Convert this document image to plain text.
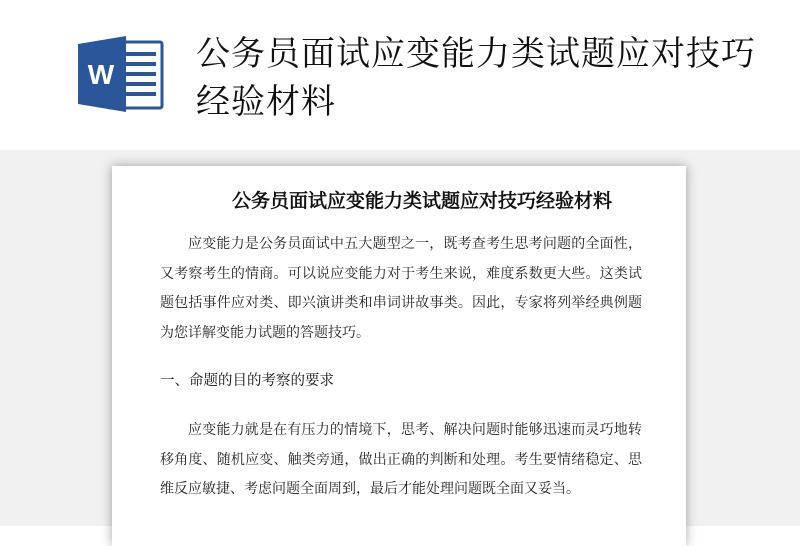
W
公务员面试应变能力类试题应对技巧经验材料
公务员面试应变能力类试题应对技巧经验材料

应变能力是公务员面试中五大题型之一，既考查考生思考问题的全面性，又考察考生的情商。可以说应变能力对于考生来说，难度系数更大些。这类试题包括事件应对类、即兴演讲类和串词讲故事类。因此，专家将列举经典例题为您详解变能力试题的答题技巧。

一、命题的目的考察的要求

应变能力就是在有压力的情境下，思考、解决问题时能够迅速而灵巧地转移角度、随机应变、触类旁通，做出正确的判断和处理。考生要情绪稳定、思维反应敏捷、考虑问题全面周到，最后才能处理问题既全面又妥当。
